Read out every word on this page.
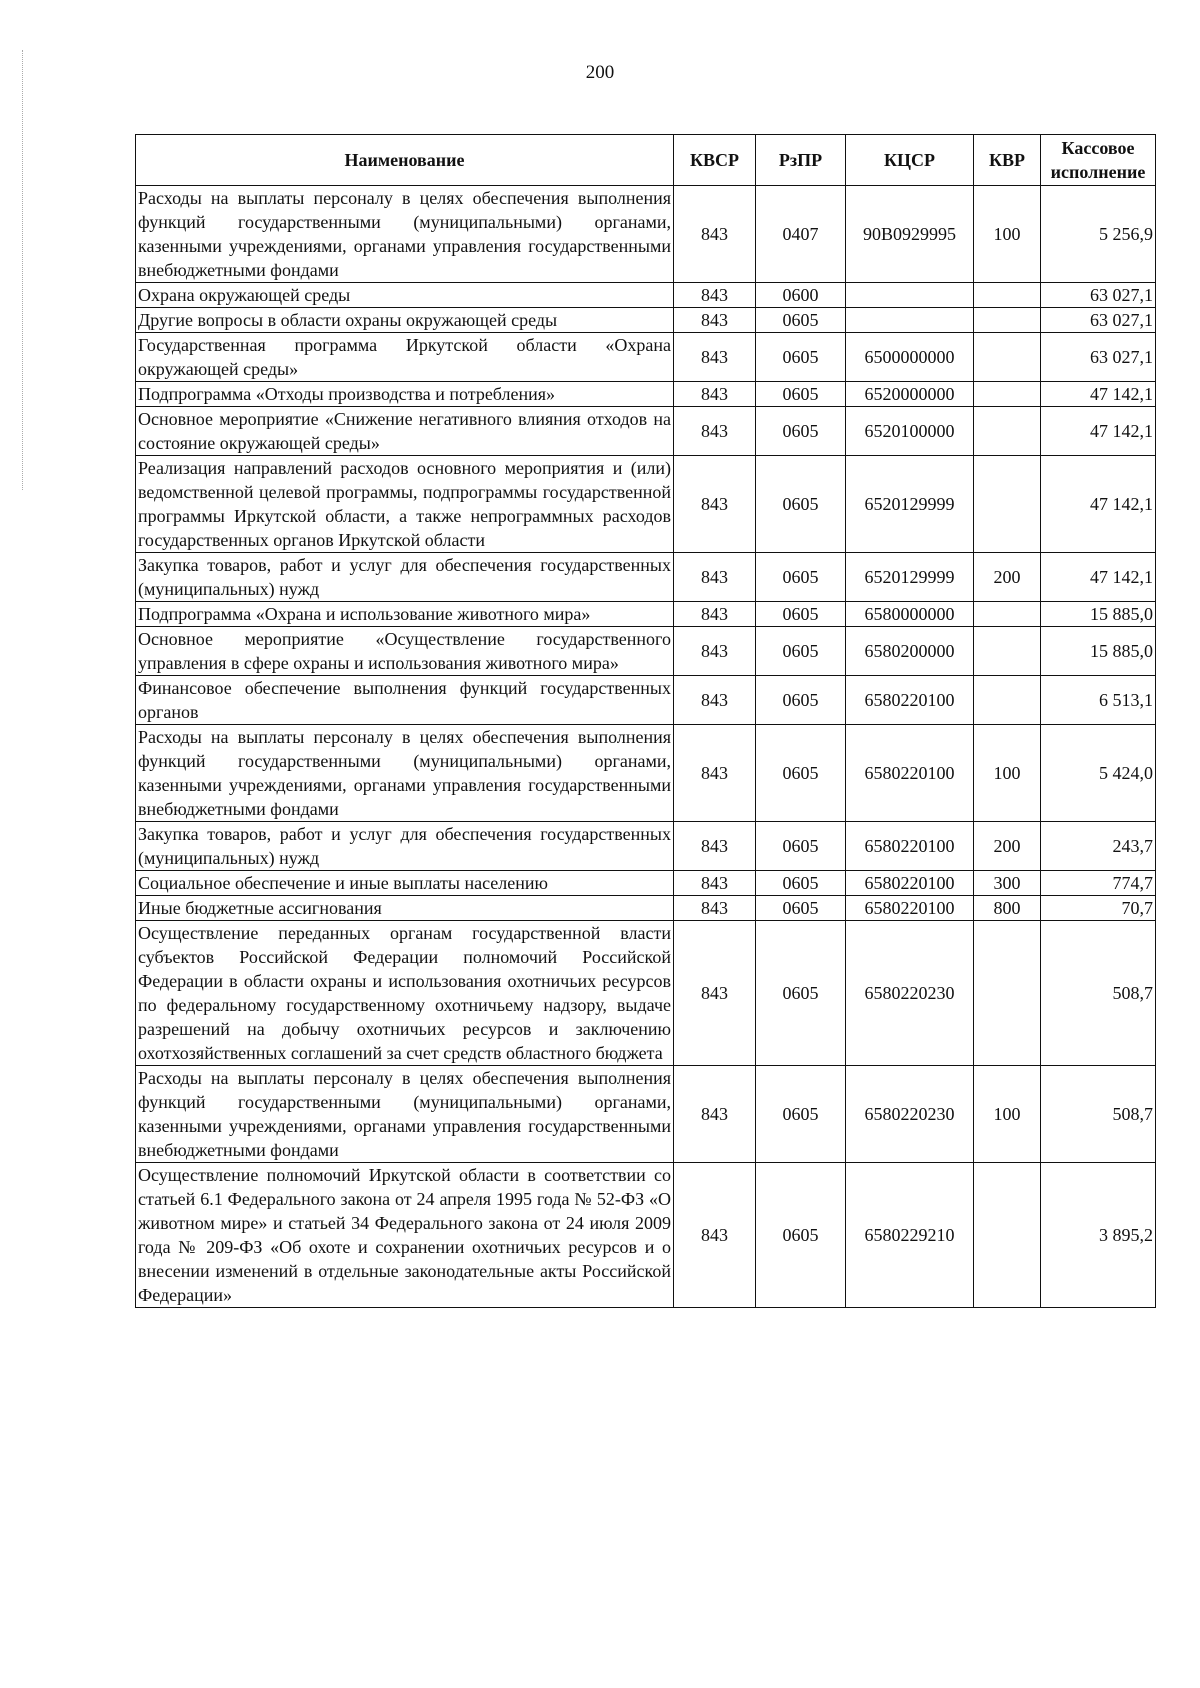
200
Наименование	КВСР	РзПР	КЦСР	КВР	Кассовое
исполнение

Расходы на выплаты персоналу в целях обеспечения выполнения функций государственными (муниципальными) органами, казенными учреждениями, органами управления государственными внебюджетными фондами	843	0407	90В0929995	100	5 256,9
Охрана окружающей среды	843	0600			63 027,1
Другие вопросы в области охраны окружающей среды	843	0605			63 027,1
Государственная программа Иркутской области «Охрана окружающей среды»	843	0605	6500000000		63 027,1
Подпрограмма «Отходы производства и потребления»	843	0605	6520000000		47 142,1
Основное мероприятие «Снижение негативного влияния отходов на состояние окружающей среды»	843	0605	6520100000		47 142,1
Реализация направлений расходов основного мероприятия и (или) ведомственной целевой программы, подпрограммы государственной программы Иркутской области, а также непрограммных расходов государственных органов Иркутской области	843	0605	6520129999		47 142,1
Закупка товаров, работ и услуг для обеспечения государственных (муниципальных) нужд	843	0605	6520129999	200	47 142,1
Подпрограмма «Охрана и использование животного мира»	843	0605	6580000000		15 885,0
Основное мероприятие «Осуществление государственного управления в сфере охраны и использования животного мира»	843	0605	6580200000		15 885,0
Финансовое обеспечение выполнения функций государственных органов	843	0605	6580220100		6 513,1
Расходы на выплаты персоналу в целях обеспечения выполнения функций государственными (муниципальными) органами, казенными учреждениями, органами управления государственными внебюджетными фондами	843	0605	6580220100	100	5 424,0
Закупка товаров, работ и услуг для обеспечения государственных (муниципальных) нужд	843	0605	6580220100	200	243,7
Социальное обеспечение и иные выплаты населению	843	0605	6580220100	300	774,7
Иные бюджетные ассигнования	843	0605	6580220100	800	70,7
Осуществление переданных органам государственной власти субъектов Российской Федерации полномочий Российской Федерации в области охраны и использования охотничьих ресурсов по федеральному государственному охотничьему надзору, выдаче разрешений на добычу охотничьих ресурсов и заключению охотхозяйственных соглашений за счет средств областного бюджета	843	0605	6580220230		508,7
Расходы на выплаты персоналу в целях обеспечения выполнения функций государственными (муниципальными) органами, казенными учреждениями, органами управления государственными внебюджетными фондами	843	0605	6580220230	100	508,7
Осуществление полномочий Иркутской области в соответствии со статьей 6.1 Федерального закона от 24 апреля 1995 года № 52-ФЗ «О животном мире» и статьей 34 Федерального закона от 24 июля 2009 года № 209-ФЗ «Об охоте и сохранении охотничьих ресурсов и о внесении изменений в отдельные законодательные акты Российской Федерации»	843	0605	6580229210		3 895,2
